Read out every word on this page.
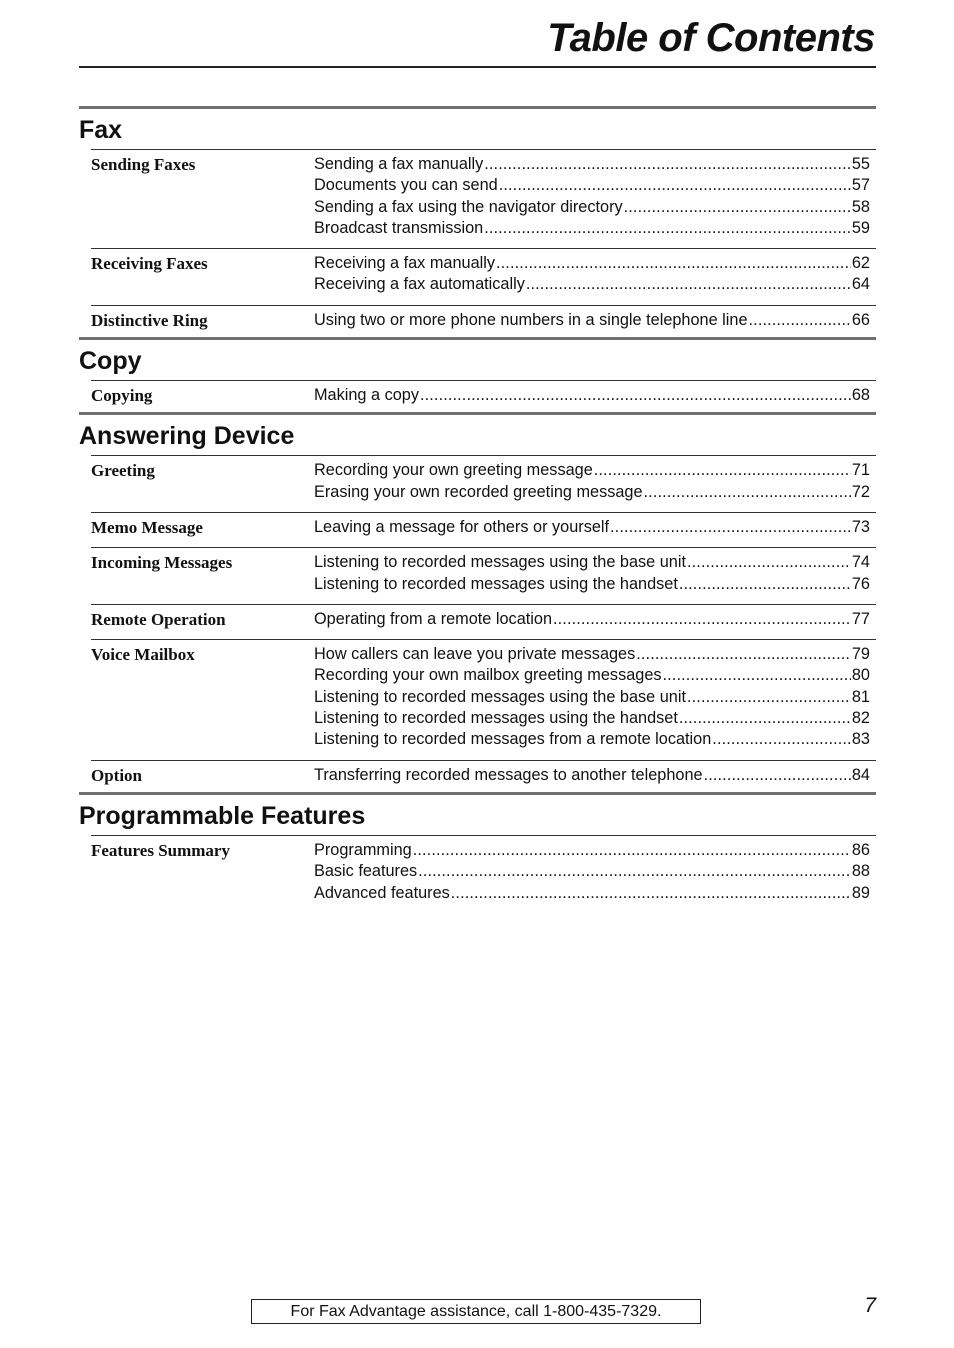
Table of Contents
Fax
Sending Faxes	Sending a fax manually . . .	55
Documents you can send . . .	57
Sending a fax using the navigator directory . . .	58
Broadcast transmission . . .	59
Receiving Faxes	Receiving a fax manually . . .	62
Receiving a fax automatically . . .	64
Distinctive Ring	Using two or more phone numbers in a single telephone line . . .	66
Copy
Copying	Making a copy . . .	68
Answering Device
Greeting	Recording your own greeting message . . .	71
Erasing your own recorded greeting message . . .	72
Memo Message	Leaving a message for others or yourself . . .	73
Incoming Messages	Listening to recorded messages using the base unit . . .	74
Listening to recorded messages using the handset . . .	76
Remote Operation	Operating from a remote location . . .	77
Voice Mailbox	How callers can leave you private messages . . .	79
Recording your own mailbox greeting messages . . .	80
Listening to recorded messages using the base unit . . .	81
Listening to recorded messages using the handset . . .	82
Listening to recorded messages from a remote location . . .	83
Option	Transferring recorded messages to another telephone . . .	84
Programmable Features
Features Summary	Programming . . .	86
Basic features . . .	88
Advanced features . . .	89
For Fax Advantage assistance, call 1-800-435-7329.	7
